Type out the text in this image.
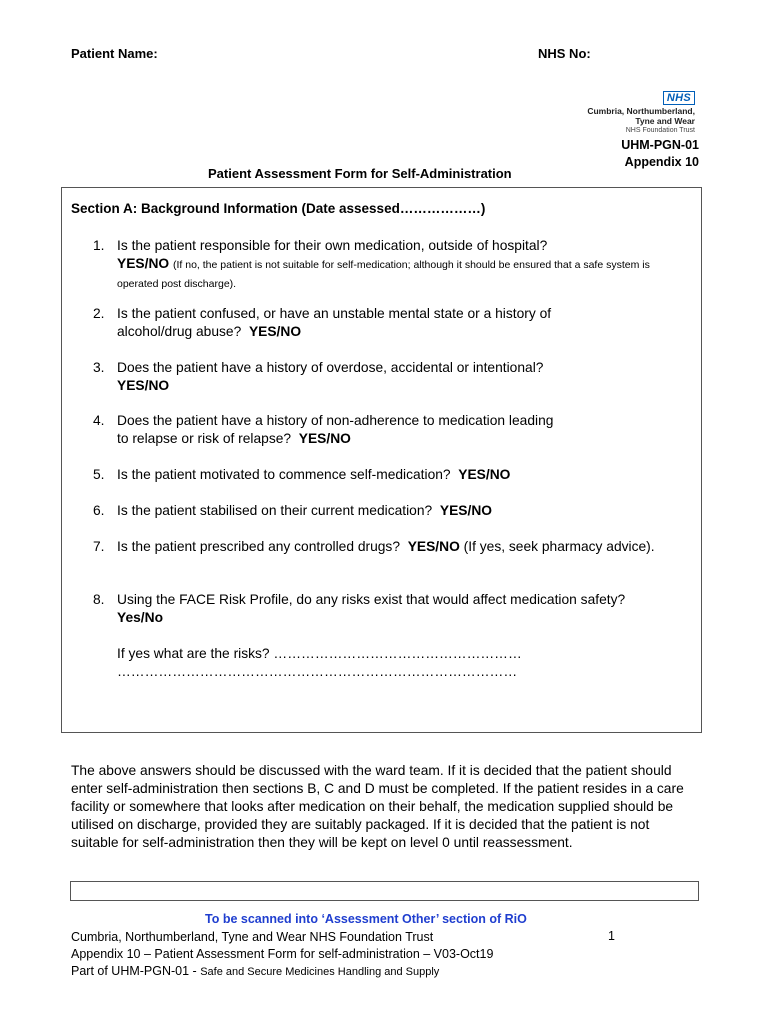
Patient Name:	NHS No:
NHS
Cumbria, Northumberland,
Tyne and Wear
NHS Foundation Trust
UHM-PGN-01
Appendix 10
Patient Assessment Form for Self-Administration
Section A: Background Information (Date assessed………………)
1. Is the patient responsible for their own medication, outside of hospital?
YES/NO (If no, the patient is not suitable for self-medication; although it should be ensured that a safe system is operated post discharge).
2. Is the patient confused, or have an unstable mental state or a history of alcohol/drug abuse? YES/NO
3. Does the patient have a history of overdose, accidental or intentional?
YES/NO
4. Does the patient have a history of non-adherence to medication leading to relapse or risk of relapse? YES/NO
5. Is the patient motivated to commence self-medication? YES/NO
6. Is the patient stabilised on their current medication? YES/NO
7. Is the patient prescribed any controlled drugs? YES/NO (If yes, seek pharmacy advice).
8. Using the FACE Risk Profile, do any risks exist that would affect medication safety?
Yes/No
If yes what are the risks? ………………………………………………
……………………………………………………………………………
The above answers should be discussed with the ward team. If it is decided that the patient should enter self-administration then sections B, C and D must be completed. If the patient resides in a care facility or somewhere that looks after medication on their behalf, the medication supplied should be utilised on discharge, provided they are suitably packaged. If it is decided that the patient is not suitable for self-administration then they will be kept on level 0 until reassessment.
To be scanned into ‘Assessment Other’ section of RiO
Cumbria, Northumberland, Tyne and Wear NHS Foundation Trust	1
Appendix 10 – Patient Assessment Form for self-administration – V03-Oct19
Part of UHM-PGN-01 - Safe and Secure Medicines Handling and Supply
